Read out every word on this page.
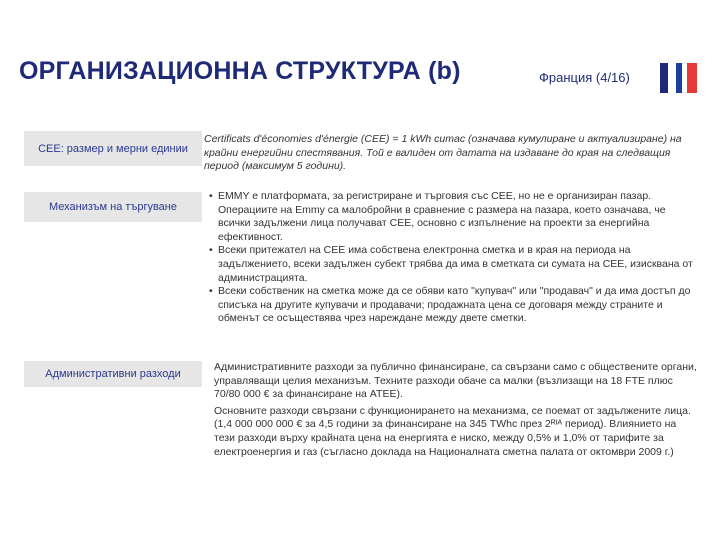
ОРГАНИЗАЦИОННА СТРУКТУРА (b)	Франция (4/16)
CEE: размер и мерни единии

Certificats d'économies d'énergie (CEE) = 1 kWh cumac (означава кумулиране и актуализиране) на крайни енергийни спестявания. Той е валиден от датата на издаване до края на следващия период (максимум 5 години).

Механизъм на търгуване

• EMMY е платформата, за регистриране и търговия със CEE, но не е организиран пазар. Операциите на Emmy са малобройни в сравнение с размера на пазара, което означава, че всички задължени лица получават CEE, основно с изпълнение на проекти за енергийна ефективност.

• Всеки притежател на CEE има собствена електронна сметка и в края на периода на задължението, всеки задължен субект трябва да има в сметката си сумата на CEE, изисквана от администрацията.

• Всеки собственик на сметка може да се обяви като "купувач" или "продавач" и да има достъп до списъка на другите купувачи и продавачи; продажната цена се договаря между страните и обменът се осъществява чрез нареждане между двете сметки.

Административни разходи

Административните разходи за публично финансиране, са свързани само с обществените органи, управляващи целия механизъм. Техните разходи обаче са малки (възлизащи на 18 FTE плюс 70/80 000 € за финансиране на ATEE).

Основните разходи свързани с функционирането на механизма, се поемат от задължените лица. (1,4 000 000 000 € за 4,5 години за финансиране на 345 TWhc през 2ᴿᴵᴬ период). Влиянието на тези разходи върху крайната цена на енергията е ниско, между 0,5% и 1,0% от тарифите за електроенергия и газ (съгласно доклада на Националната сметна палата от октомври 2009 г.)
